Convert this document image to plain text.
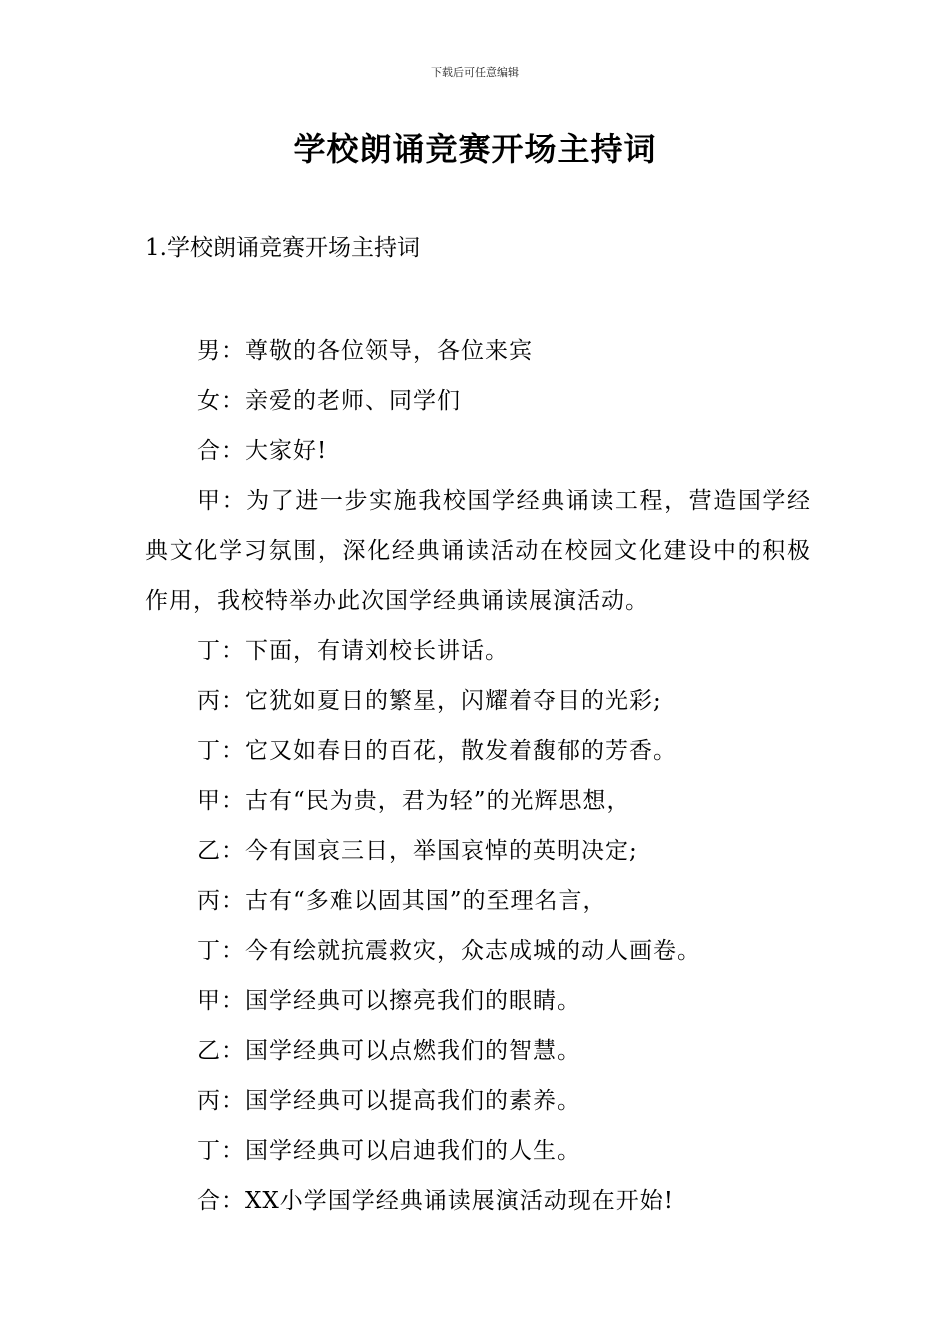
下载后可任意编辑
学校朗诵竞赛开场主持词
1.学校朗诵竞赛开场主持词

男：尊敬的各位领导，各位来宾

女：亲爱的老师、同学们

合：大家好!

甲：为了进一步实施我校国学经典诵读工程，营造国学经典文化学习氛围，深化经典诵读活动在校园文化建设中的积极作用，我校特举办此次国学经典诵读展演活动。

丁：下面，有请刘校长讲话。

丙：它犹如夏日的繁星，闪耀着夺目的光彩;

丁：它又如春日的百花，散发着馥郁的芳香。

甲：古有“民为贵，君为轻”的光辉思想，

乙：今有国哀三日，举国哀悼的英明决定;

丙：古有“多难以固其国”的至理名言，

丁：今有绘就抗震救灾，众志成城的动人画卷。

甲：国学经典可以擦亮我们的眼睛。

乙：国学经典可以点燃我们的智慧。

丙：国学经典可以提高我们的素养。

丁：国学经典可以启迪我们的人生。

合：XX小学国学经典诵读展演活动现在开始!
